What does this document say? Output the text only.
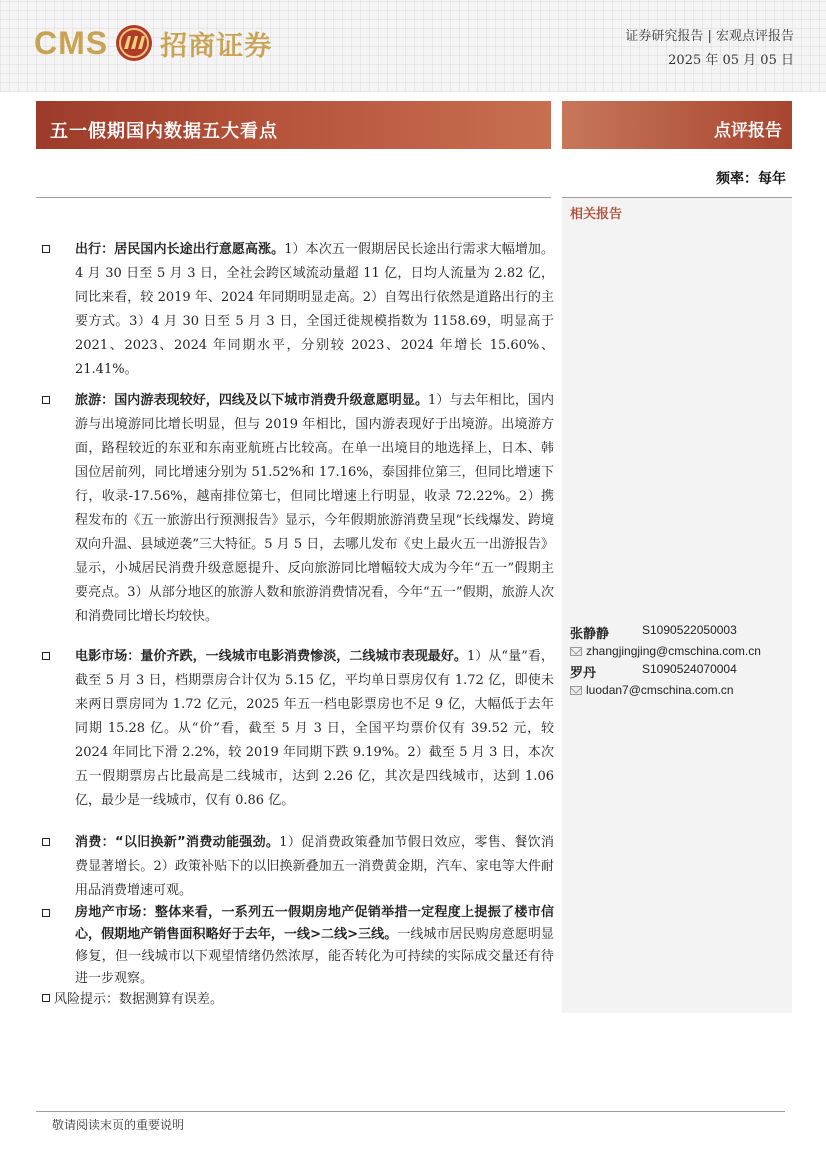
CMS 招商证券	证券研究报告 | 宏观点评报告
2025 年 05 月 05 日
五一假期国内数据五大看点	点评报告
频率：每年
相关报告

出行：居民国内长途出行意愿高涨。1）本次五一假期居民长途出行需求大幅增加。4 月 30 日至 5 月 3 日，全社会跨区域流动量超 11 亿，日均人流量为 2.82 亿，同比来看，较 2019 年、2024 年同期明显走高。2）自驾出行依然是道路出行的主要方式。3）4 月 30 日至 5 月 3 日，全国迁徙规模指数为 1158.69，明显高于 2021、2023、2024 年同期水平，分别较 2023、2024 年增长 15.60%、21.41%。

旅游：国内游表现较好，四线及以下城市消费升级意愿明显。1）与去年相比，国内游与出境游同比增长明显，但与 2019 年相比，国内游表现好于出境游。出境游方面，路程较近的东亚和东南亚航班占比较高。在单一出境目的地选择上，日本、韩国位居前列，同比增速分别为 51.52%和 17.16%，泰国排位第三，但同比增速下行，收录-17.56%，越南排位第七，但同比增速上行明显，收录 72.22%。2）携程发布的《五一旅游出行预测报告》显示，今年假期旅游消费呈现“长线爆发、跨境双向升温、县域逆袭”三大特征。5 月 5 日，去哪儿发布《史上最火五一出游报告》显示，小城居民消费升级意愿提升、反向旅游同比增幅较大成为今年“五一”假期主要亮点。3）从部分地区的旅游人数和旅游消费情况看，今年“五一”假期，旅游人次和消费同比增长均较快。

电影市场：量价齐跌，一线城市电影消费惨淡，二线城市表现最好。1）从“量”看，截至 5 月 3 日，档期票房合计仅为 5.15 亿，平均单日票房仅有 1.72 亿，即使未来两日票房同为 1.72 亿元，2025 年五一档电影票房也不足 9 亿，大幅低于去年同期 15.28 亿。从“价”看，截至 5 月 3 日，全国平均票价仅有 39.52 元，较 2024 年同比下滑 2.2%，较 2019 年同期下跌 9.19%。2）截至 5 月 3 日，本次五一假期票房占比最高是二线城市，达到 2.26 亿，其次是四线城市，达到 1.06 亿，最少是一线城市，仅有 0.86 亿。

消费：“以旧换新”消费动能强劲。1）促消费政策叠加节假日效应，零售、餐饮消费显著增长。2）政策补贴下的以旧换新叠加五一消费黄金期，汽车、家电等大件耐用品消费增速可观。

房地产市场：整体来看，一系列五一假期房地产促销举措一定程度上提振了楼市信心，假期地产销售面积略好于去年，一线>二线>三线。一线城市居民购房意愿明显修复，但一线城市以下观望情绪仍然浓厚，能否转化为可持续的实际成交量还有待进一步观察。

风险提示：数据测算有误差。
张静静	S1090522050003
zhangjingjing@cmschina.com.cn
罗丹	S1090524070004
luodan7@cmschina.com.cn
敬请阅读末页的重要说明
